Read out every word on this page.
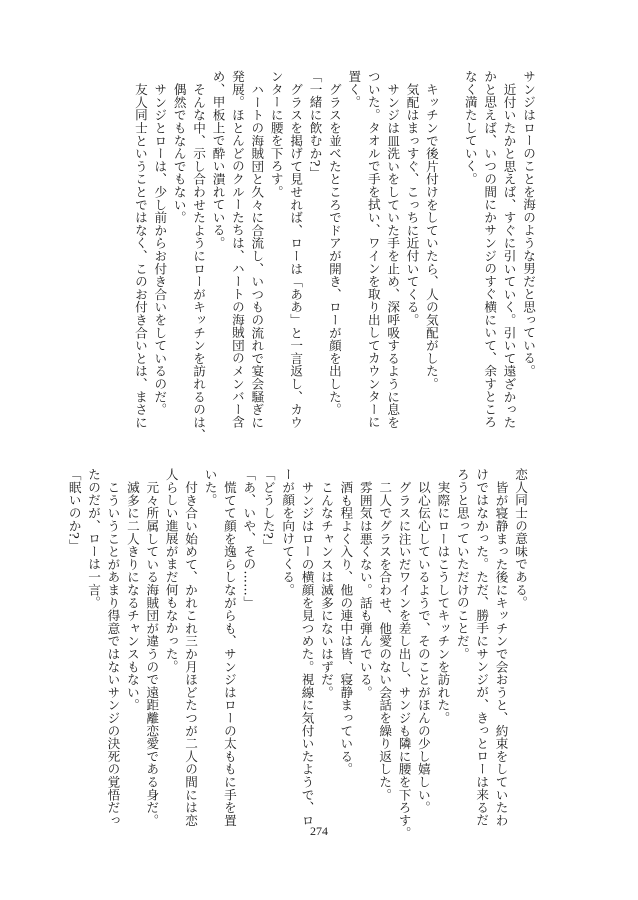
サンジはローのことを海のような男だと思っている。

近付いたかと思えば、すぐに引いていく。引いて遠ざかった

かと思えば、いつの間にかサンジのすぐ横にいて、余すところ

なく満たしていく。

キッチンで後片付けをしていたら、人の気配がした。

気配はまっすぐ、こっちに近付いてくる。

サンジは皿洗いをしていた手を止め、深呼吸するように息を

ついた。タオルで手を拭い、ワインを取り出してカウンターに

置く。

グラスを並べたところでドアが開き、ローが顔を出した。

「一緒に飲むか?」

グラスを掲げて見せれば、ローは「ああ」と一言返し、カウ

ンターに腰を下ろす。

ハートの海賊団と久々に合流し、いつもの流れで宴会騒ぎに

発展。ほとんどのクルーたちは、ハートの海賊団のメンバー含

め、甲板上で酔い潰れている。

そんな中、示し合わせたようにローがキッチンを訪れるのは、

偶然でもなんでもない。

サンジとローは、少し前からお付き合いをしているのだ。

友人同士ということではなく、このお付き合いとは、まさに

恋人同士の意味である。

皆が寝静まった後にキッチンで会おうと、約束をしていたわ

けではなかった。ただ、勝手にサンジが、きっとローは来るだ

ろうと思っていただけのことだ。

実際にローはこうしてキッチンを訪れた。

以心伝心しているようで、そのことがほんの少し嬉しい。

グラスに注いだワインを差し出し、サンジも隣に腰を下ろす。

二人でグラスを合わせ、他愛のない会話を繰り返した。

雰囲気は悪くない。話も弾んでいる。

酒も程よく入り、他の連中は皆、寝静まっている。

こんなチャンスは滅多にないはずだ。

サンジはローの横顔を見つめた。視線に気付いたようで、ロ

ーが顔を向けてくる。

「どうした?」

「あ、いや、その……」

慌てて顔を逸らしながらも、サンジはローの太ももに手を置

いた。

付き合い始めて、かれこれ三か月ほどたつが二人の間には恋

人らしい進展がまだ何もなかった。

元々所属している海賊団が違うので遠距離恋愛である身だ。

滅多に二人きりになるチャンスもない。

こういうことがあまり得意ではないサンジの決死の覚悟だっ

たのだが、ローは一言。

「眠いのか?」

274
